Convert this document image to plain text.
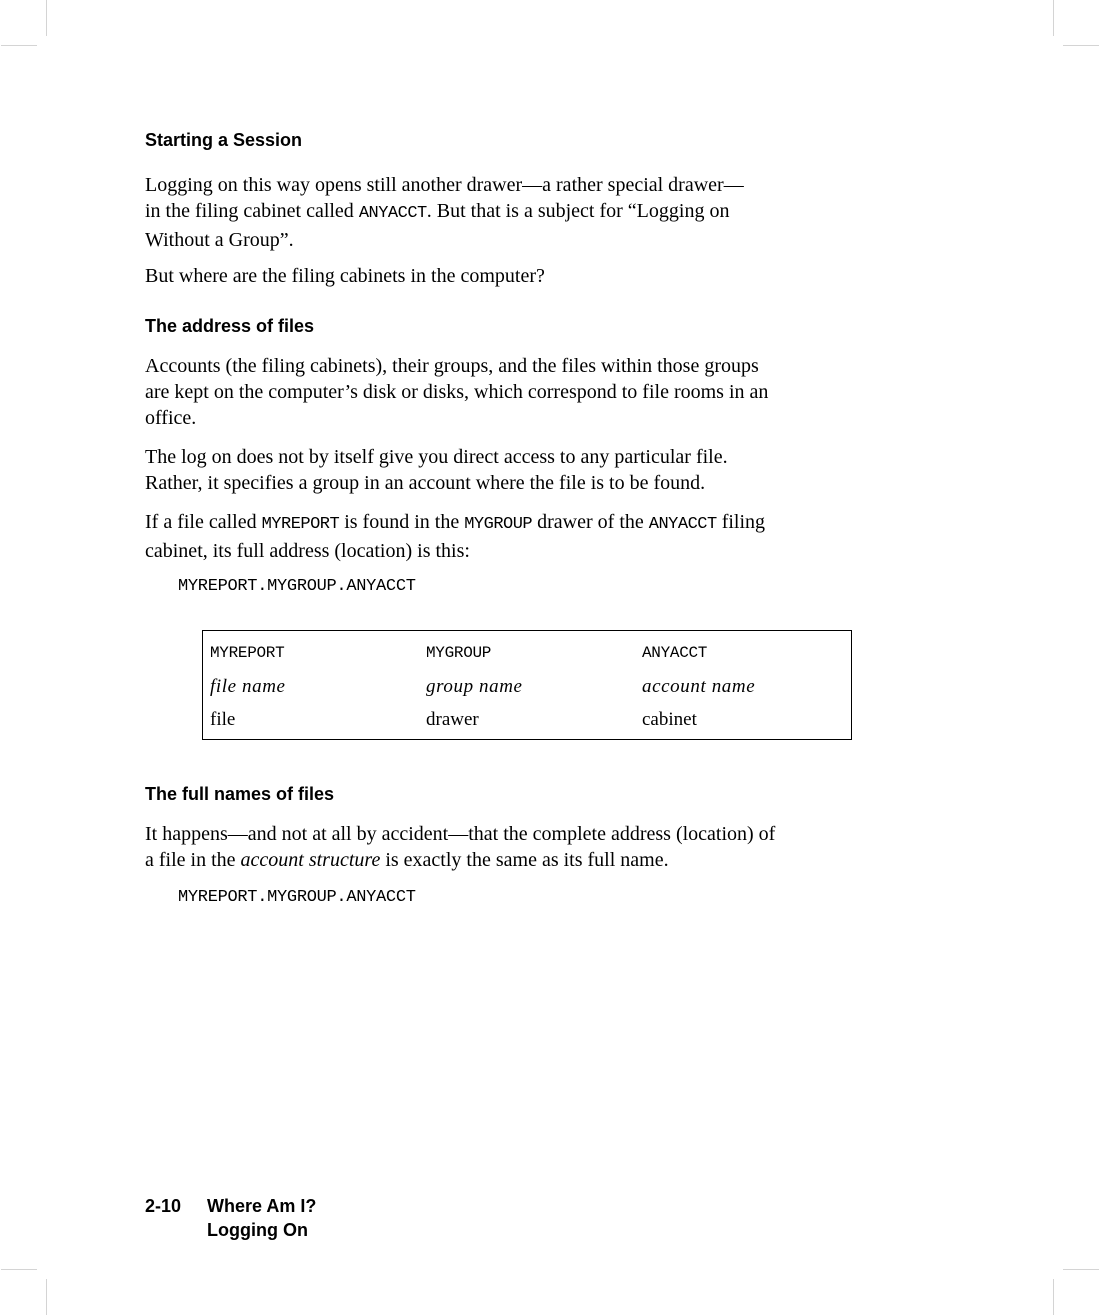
Starting a Session
Logging on this way opens still another drawer—a rather special drawer—
in the filing cabinet called ANYACCT. But that is a subject for “Logging on
Without a Group”.
But where are the filing cabinets in the computer?
The address of files
Accounts (the filing cabinets), their groups, and the files within those groups
are kept on the computer’s disk or disks, which correspond to file rooms in an
office.
The log on does not by itself give you direct access to any particular file.
Rather, it specifies a group in an account where the file is to be found.
If a file called MYREPORT is found in the MYGROUP drawer of the ANYACCT filing
cabinet, its full address (location) is this:
MYREPORT.MYGROUP.ANYACCT
MYREPORT	MYGROUP	ANYACCT
file name	group name	account name
file	drawer	cabinet
The full names of files
It happens—and not at all by accident—that the complete address (location) of
a file in the account structure is exactly the same as its full name.
MYREPORT.MYGROUP.ANYACCT
2-10 Where Am I?
Logging On
